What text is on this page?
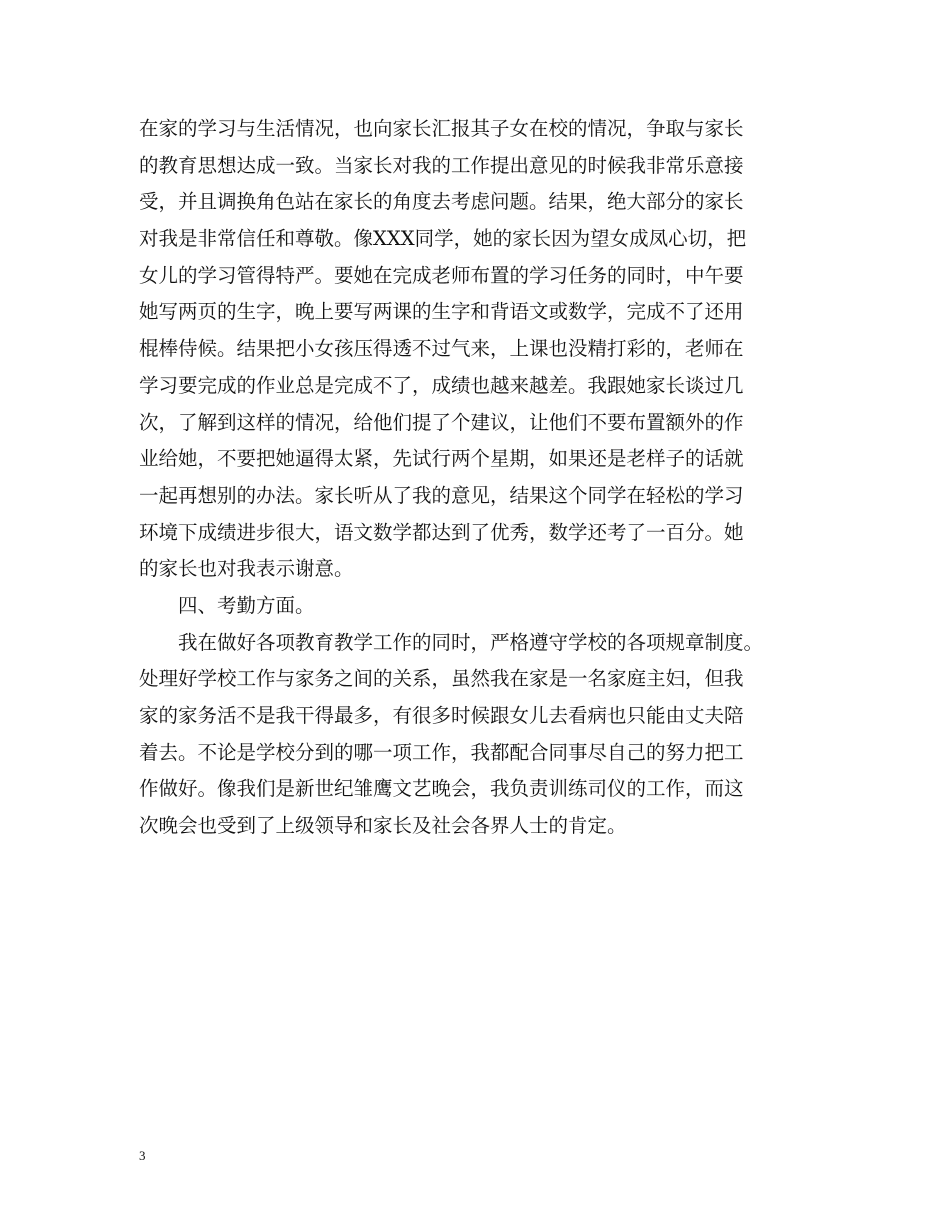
在家的学习与生活情况，也向家长汇报其子女在校的情况，争取与家长
的教育思想达成一致。当家长对我的工作提出意见的时候我非常乐意接
受，并且调换角色站在家长的角度去考虑问题。结果，绝大部分的家长
对我是非常信任和尊敬。像XXX同学，她的家长因为望女成凤心切，把
女儿的学习管得特严。要她在完成老师布置的学习任务的同时，中午要
她写两页的生字，晚上要写两课的生字和背语文或数学，完成不了还用
棍棒侍候。结果把小女孩压得透不过气来，上课也没精打彩的，老师在
学习要完成的作业总是完成不了，成绩也越来越差。我跟她家长谈过几
次，了解到这样的情况，给他们提了个建议，让他们不要布置额外的作
业给她，不要把她逼得太紧，先试行两个星期，如果还是老样子的话就
一起再想别的办法。家长听从了我的意见，结果这个同学在轻松的学习
环境下成绩进步很大，语文数学都达到了优秀，数学还考了一百分。她
的家长也对我表示谢意。
四、考勤方面。
我在做好各项教育教学工作的同时，严格遵守学校的各项规章制度。
处理好学校工作与家务之间的关系，虽然我在家是一名家庭主妇，但我
家的家务活不是我干得最多，有很多时候跟女儿去看病也只能由丈夫陪
着去。不论是学校分到的哪一项工作，我都配合同事尽自己的努力把工
作做好。像我们是新世纪雏鹰文艺晚会，我负责训练司仪的工作，而这
次晚会也受到了上级领导和家长及社会各界人士的肯定。
3
